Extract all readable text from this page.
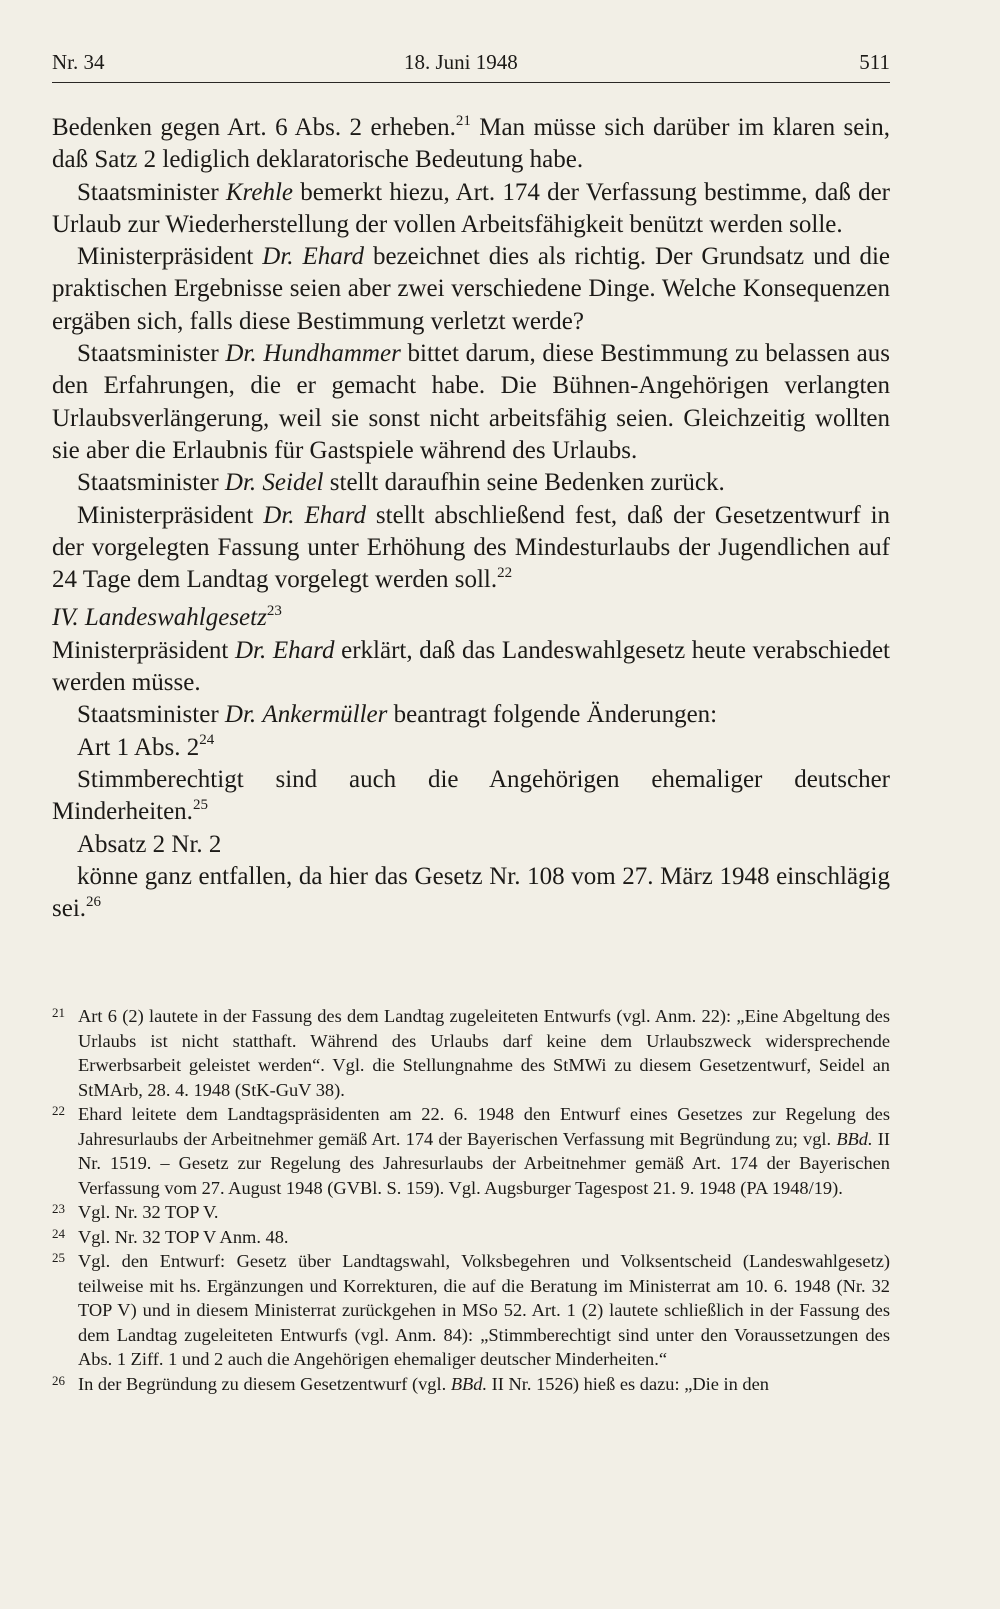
Nr. 34	18. Juni 1948	511

Bedenken gegen Art. 6 Abs. 2 erheben.$^{21}$ Man müsse sich darüber im klaren sein, daß Satz 2 lediglich deklaratorische Bedeutung habe.

Staatsminister Krehle bemerkt hiezu, Art. 174 der Verfassung bestimme, daß der Urlaub zur Wiederherstellung der vollen Arbeitsfähigkeit benützt werden solle.

Ministerpräsident Dr. Ehard bezeichnet dies als richtig. Der Grundsatz und die praktischen Ergebnisse seien aber zwei verschiedene Dinge. Welche Konsequenzen ergäben sich, falls diese Bestimmung verletzt werde?

Staatsminister Dr. Hundhammer bittet darum, diese Bestimmung zu belassen aus den Erfahrungen, die er gemacht habe. Die Bühnen-Angehörigen verlangten Urlaubsverlängerung, weil sie sonst nicht arbeitsfähig seien. Gleichzeitig wollten sie aber die Erlaubnis für Gastspiele während des Urlaubs.

Staatsminister Dr. Seidel stellt daraufhin seine Bedenken zurück.

Ministerpräsident Dr. Ehard stellt abschließend fest, daß der Gesetzentwurf in der vorgelegten Fassung unter Erhöhung des Mindesturlaubs der Jugendlichen auf 24 Tage dem Landtag vorgelegt werden soll.$^{22}$

IV. Landeswahlgesetz$^{23}$

Ministerpräsident Dr. Ehard erklärt, daß das Landeswahlgesetz heute verabschiedet werden müsse.

Staatsminister Dr. Ankermüller beantragt folgende Änderungen:

Art 1 Abs. $2^{24}$

Stimmberechtigt sind auch die Angehörigen ehemaliger deutscher Minderheiten.$^{25}$

Absatz 2 Nr. 2

könne ganz entfallen, da hier das Gesetz Nr. 108 vom 27. März 1948 einschlägig sei.$^{26}$

21 Art 6 (2) lautete in der Fassung des dem Landtag zugeleiteten Entwurfs (vgl. Anm. 22): „Eine Abgeltung des Urlaubs ist nicht statthaft. Während des Urlaubs darf keine dem Urlaubszweck widersprechende Erwerbsarbeit geleistet werden“. Vgl. die Stellungnahme des StMWi zu diesem Gesetzentwurf, Seidel an StMArb, 28. 4. 1948 (StK-GuV 38).

22 Ehard leitete dem Landtagspräsidenten am 22. 6. 1948 den Entwurf eines Gesetzes zur Regelung des Jahresurlaubs der Arbeitnehmer gemäß Art. 174 der Bayerischen Verfassung mit Begründung zu; vgl. BBd. II Nr. 1519. – Gesetz zur Regelung des Jahresurlaubs der Arbeitnehmer gemäß Art. 174 der Bayerischen Verfassung vom 27. August 1948 (GVBl. S. 159). Vgl. Augsburger Tagespost 21. 9. 1948 (PA 1948/19).

23 Vgl. Nr. 32 TOP V.

24 Vgl. Nr. 32 TOP V Anm. 48.

25 Vgl. den Entwurf: Gesetz über Landtagswahl, Volksbegehren und Volksentscheid (Landeswahlgesetz) teilweise mit hs. Ergänzungen und Korrekturen, die auf die Beratung im Ministerrat am 10. 6. 1948 (Nr. 32 TOP V) und in diesem Ministerrat zurückgehen in MSo 52. Art. 1 (2) lautete schließlich in der Fassung des dem Landtag zugeleiteten Entwurfs (vgl. Anm. 84): „Stimmberechtigt sind unter den Voraussetzungen des Abs. 1 Ziff. 1 und 2 auch die Angehörigen ehemaliger deutscher Minderheiten.“

26 In der Begründung zu diesem Gesetzentwurf (vgl. BBd. II Nr. 1526) hieß es dazu: „Die in den
